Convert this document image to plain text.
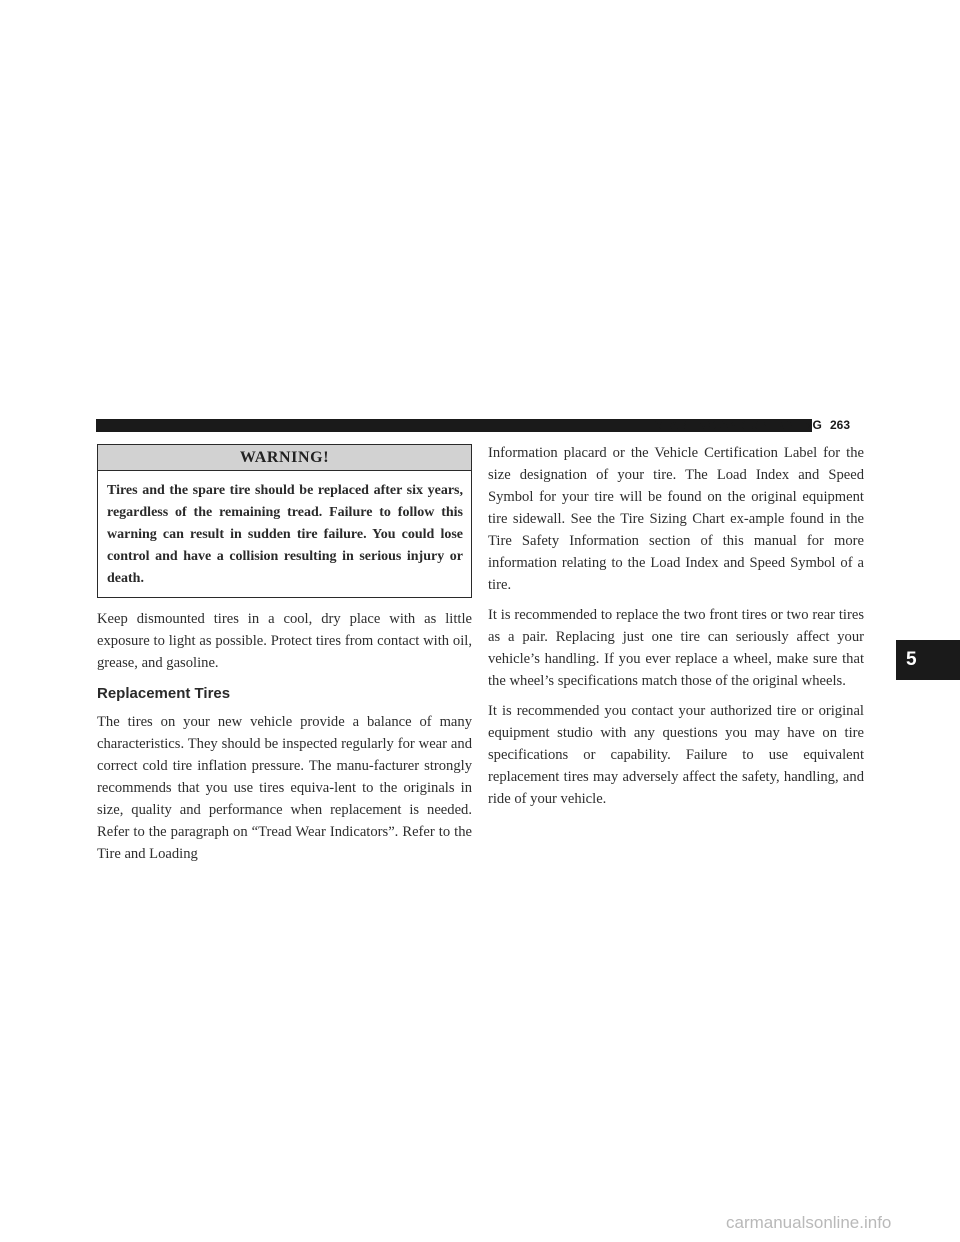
STARTING AND OPERATING 263
5
WARNING!
Tires and the spare tire should be replaced after six years, regardless of the remaining tread. Failure to follow this warning can result in sudden tire failure. You could lose control and have a collision resulting in serious injury or death.

Keep dismounted tires in a cool, dry place with as little exposure to light as possible. Protect tires from contact with oil, grease, and gasoline.

Replacement Tires

The tires on your new vehicle provide a balance of many characteristics. They should be inspected regularly for wear and correct cold tire inflation pressure. The manu-facturer strongly recommends that you use tires equiva-lent to the originals in size, quality and performance when replacement is needed. Refer to the paragraph on “Tread Wear Indicators”. Refer to the Tire and Loading

Information placard or the Vehicle Certification Label for the size designation of your tire. The Load Index and Speed Symbol for your tire will be found on the original equipment tire sidewall. See the Tire Sizing Chart ex-ample found in the Tire Safety Information section of this manual for more information relating to the Load Index and Speed Symbol of a tire.

It is recommended to replace the two front tires or two rear tires as a pair. Replacing just one tire can seriously affect your vehicle’s handling. If you ever replace a wheel, make sure that the wheel’s specifications match those of the original wheels.

It is recommended you contact your authorized tire or original equipment studio with any questions you may have on tire specifications or capability. Failure to use equivalent replacement tires may adversely affect the safety, handling, and ride of your vehicle.

carmanualsonline.info
